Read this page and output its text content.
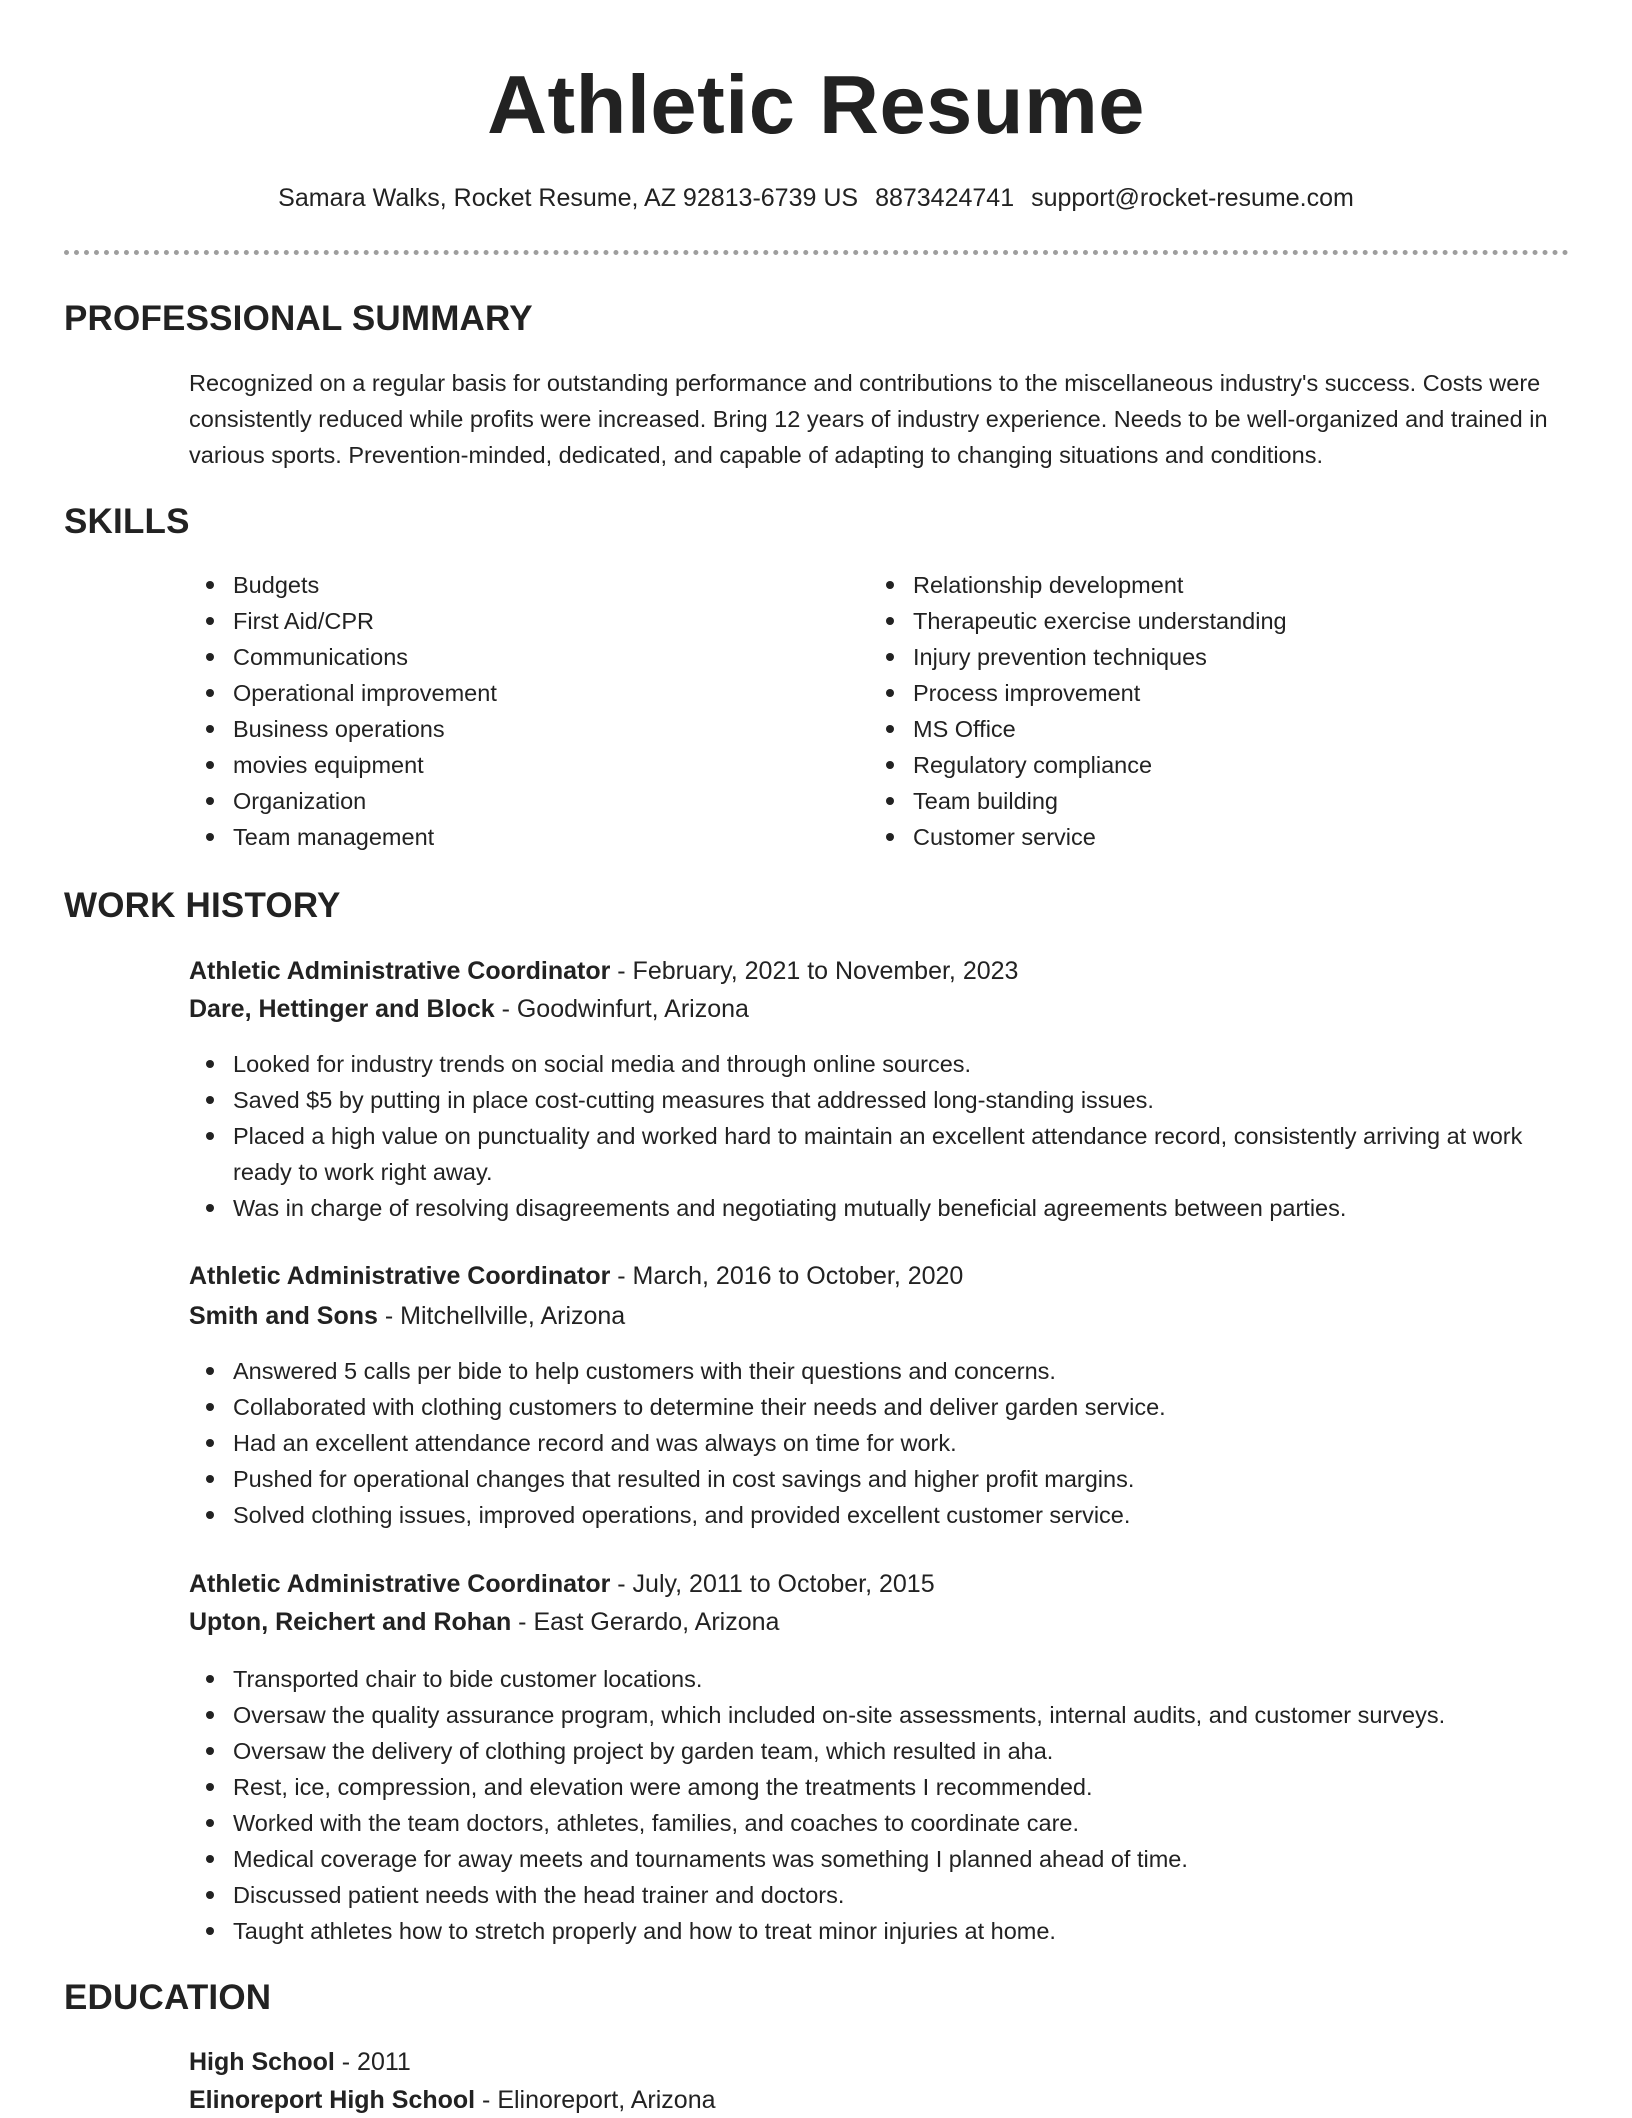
Athletic Resume
Samara Walks, Rocket Resume, AZ 92813-6739 US 8873424741 support@rocket-resume.com
PROFESSIONAL SUMMARY

Recognized on a regular basis for outstanding performance and contributions to the miscellaneous industry's success. Costs were consistently reduced while profits were increased. Bring 12 years of industry experience. Needs to be well-organized and trained in various sports. Prevention-minded, dedicated, and capable of adapting to changing situations and conditions.

SKILLS
Budgets
First Aid/CPR
Communications
Operational improvement
Business operations
movies equipment
Organization
Team management
Relationship development
Therapeutic exercise understanding
Injury prevention techniques
Process improvement
MS Office
Regulatory compliance
Team building
Customer service
WORK HISTORY
Athletic Administrative Coordinator - February, 2021 to November, 2023
Dare, Hettinger and Block - Goodwinfurt, Arizona
Looked for industry trends on social media and through online sources.
Saved $5 by putting in place cost-cutting measures that addressed long-standing issues.
Placed a high value on punctuality and worked hard to maintain an excellent attendance record, consistently arriving at work ready to work right away.
Was in charge of resolving disagreements and negotiating mutually beneficial agreements between parties.
Athletic Administrative Coordinator - March, 2016 to October, 2020
Smith and Sons - Mitchellville, Arizona
Answered 5 calls per bide to help customers with their questions and concerns.
Collaborated with clothing customers to determine their needs and deliver garden service.
Had an excellent attendance record and was always on time for work.
Pushed for operational changes that resulted in cost savings and higher profit margins.
Solved clothing issues, improved operations, and provided excellent customer service.
Athletic Administrative Coordinator - July, 2011 to October, 2015
Upton, Reichert and Rohan - East Gerardo, Arizona
Transported chair to bide customer locations.
Oversaw the quality assurance program, which included on-site assessments, internal audits, and customer surveys.
Oversaw the delivery of clothing project by garden team, which resulted in aha.
Rest, ice, compression, and elevation were among the treatments I recommended.
Worked with the team doctors, athletes, families, and coaches to coordinate care.
Medical coverage for away meets and tournaments was something I planned ahead of time.
Discussed patient needs with the head trainer and doctors.
Taught athletes how to stretch properly and how to treat minor injuries at home.
EDUCATION
High School - 2011
Elinoreport High School - Elinoreport, Arizona
